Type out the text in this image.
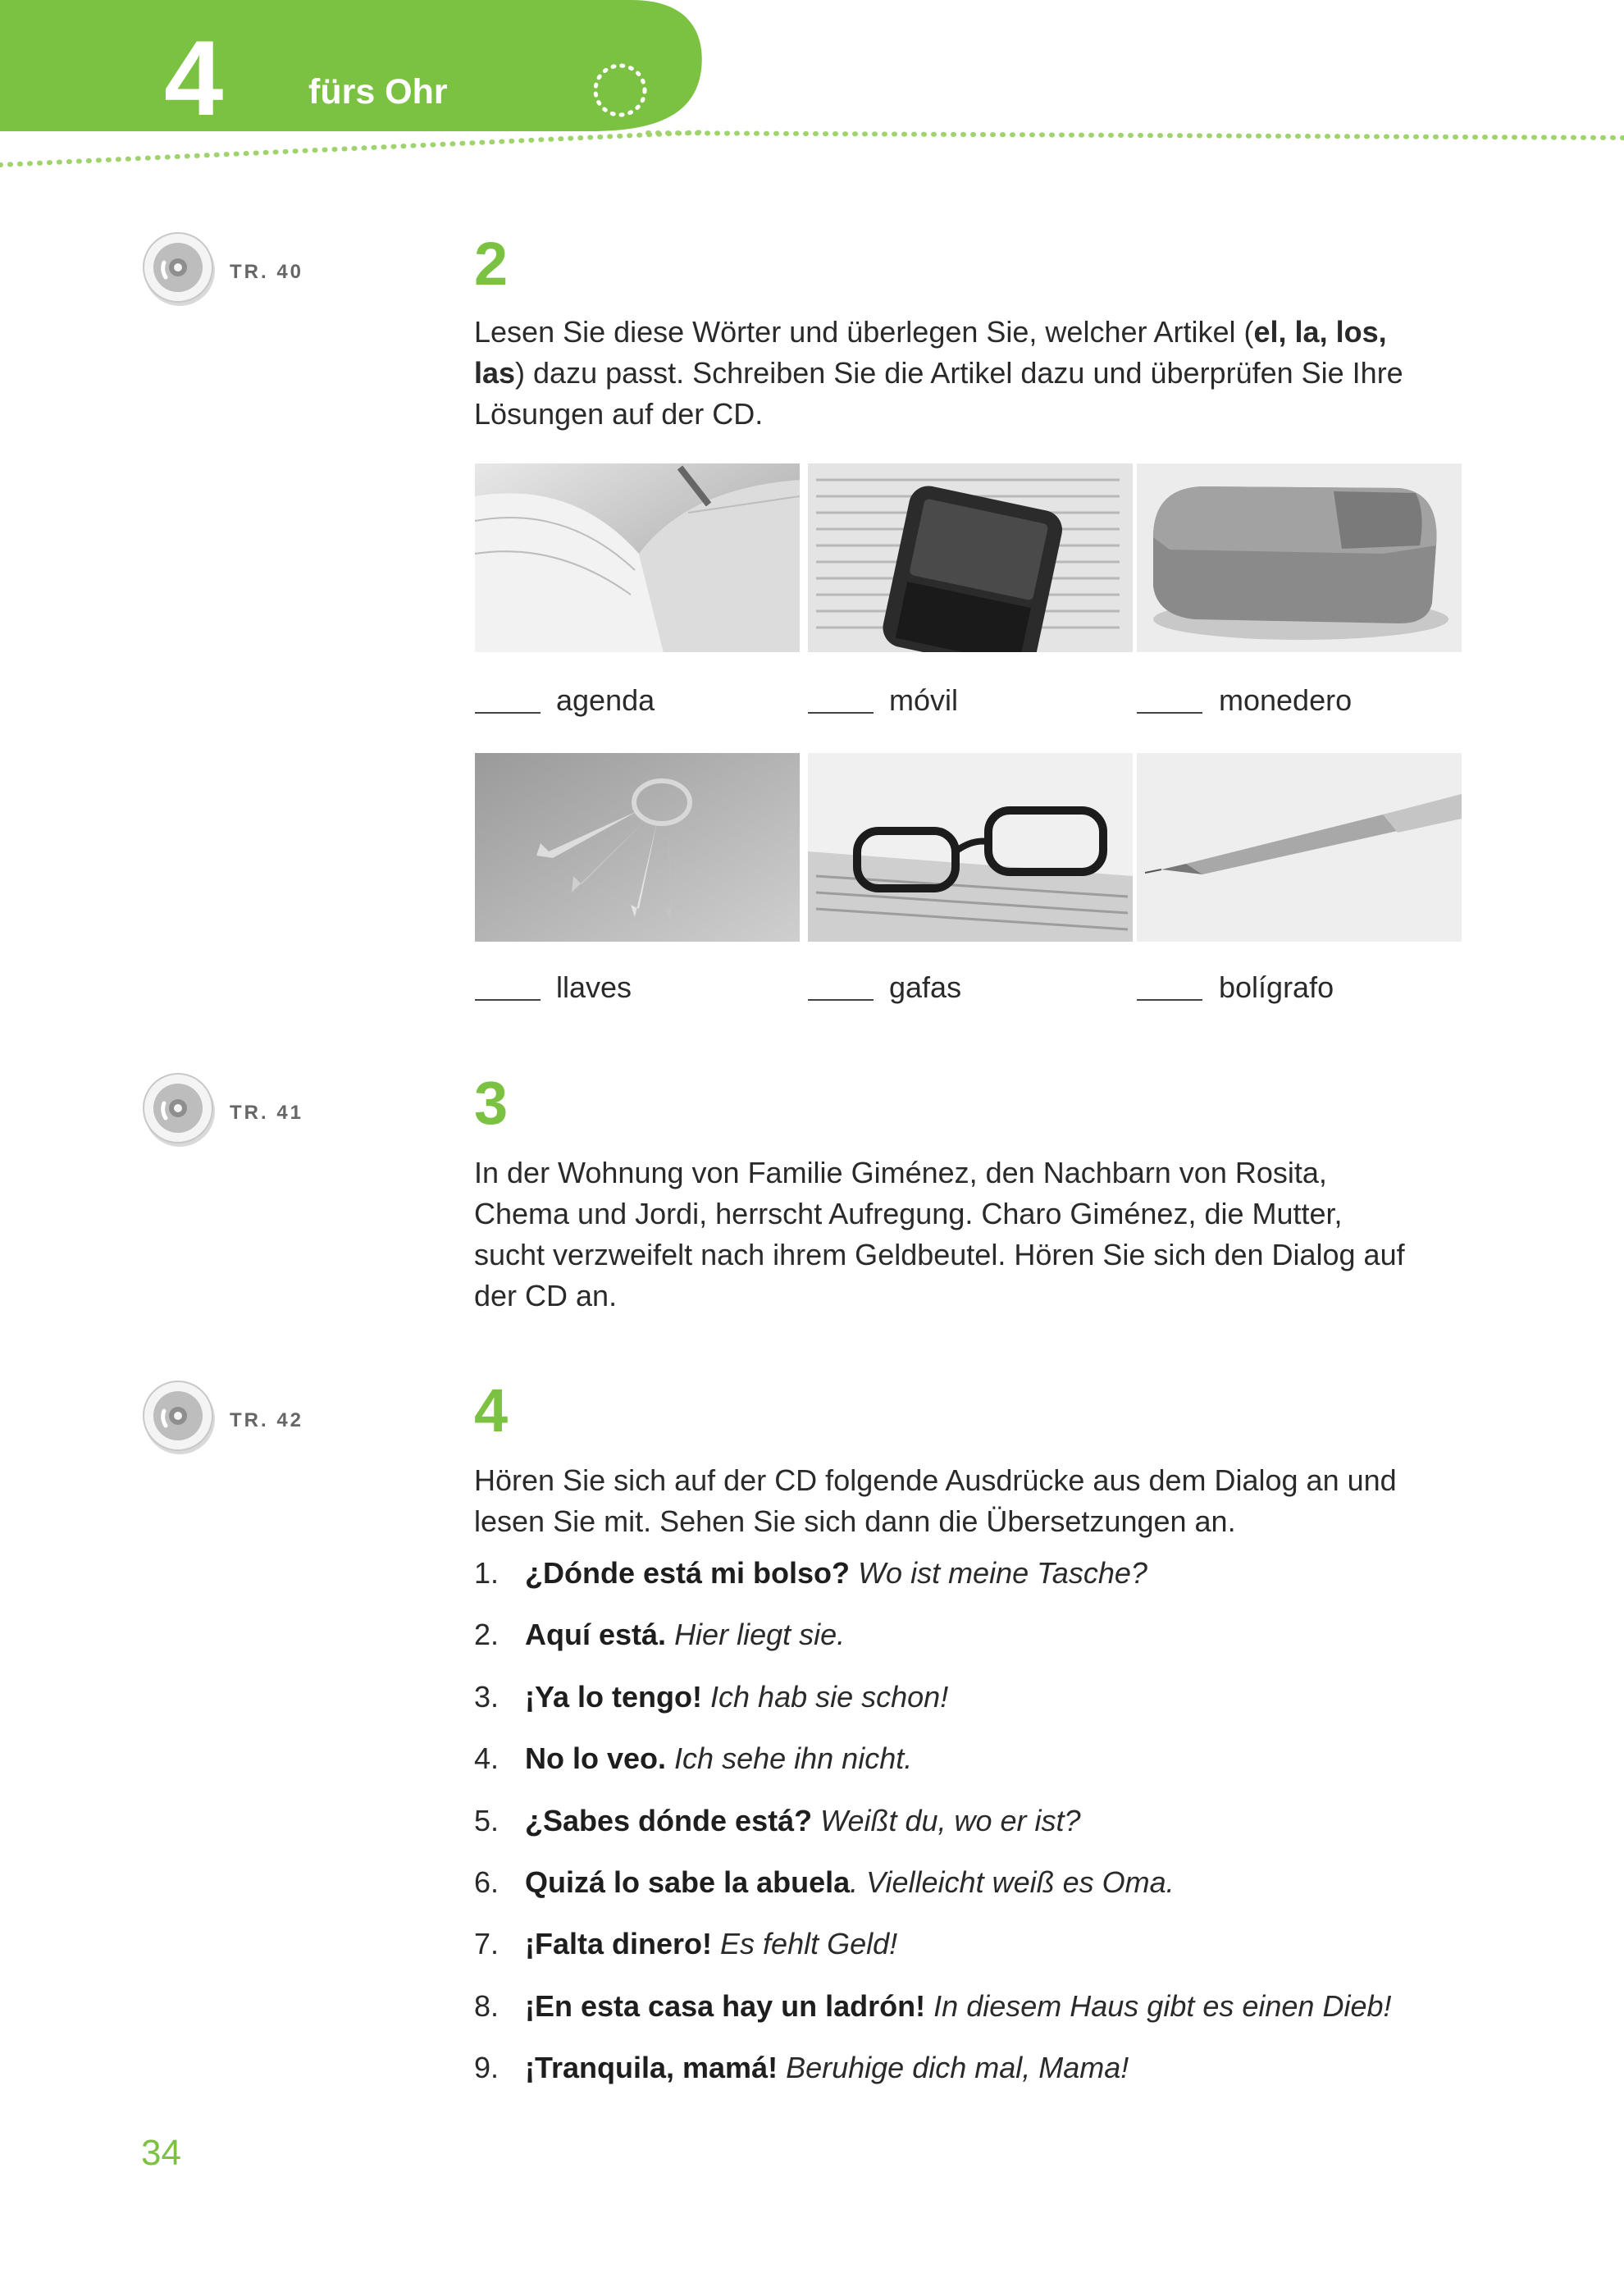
4 fürs Ohr
TR. 40	2
Lesen Sie diese Wörter und überlegen Sie, welcher Artikel (el, la, los,
las) dazu passt. Schreiben Sie die Artikel dazu und überprüfen Sie Ihre Lösungen auf der CD.
agenda	móvil	monedero
llaves	gafas	bolígrafo
TR. 41	3
In der Wohnung von Familie Giménez, den Nachbarn von Rosita, Chema und Jordi, herrscht Aufregung. Charo Giménez, die Mutter, sucht verzweifelt nach ihrem Geldbeutel. Hören Sie sich den Dialog auf der CD an.
TR. 42	4
Hören Sie sich auf der CD folgende Ausdrücke aus dem Dialog an und lesen Sie mit. Sehen Sie sich dann die Übersetzungen an.
1. ¿Dónde está mi bolso? Wo ist meine Tasche?
2. Aquí está. Hier liegt sie.
3. ¡Ya lo tengo! Ich hab sie schon!
4. No lo veo. Ich sehe ihn nicht.
5. ¿Sabes dónde está? Weißt du, wo er ist?
6. Quizá lo sabe la abuela. Vielleicht weiß es Oma.
7. ¡Falta dinero! Es fehlt Geld!
8. ¡En esta casa hay un ladrón! In diesem Haus gibt es einen Dieb!
9. ¡Tranquila, mamá! Beruhige dich mal, Mama!
34
